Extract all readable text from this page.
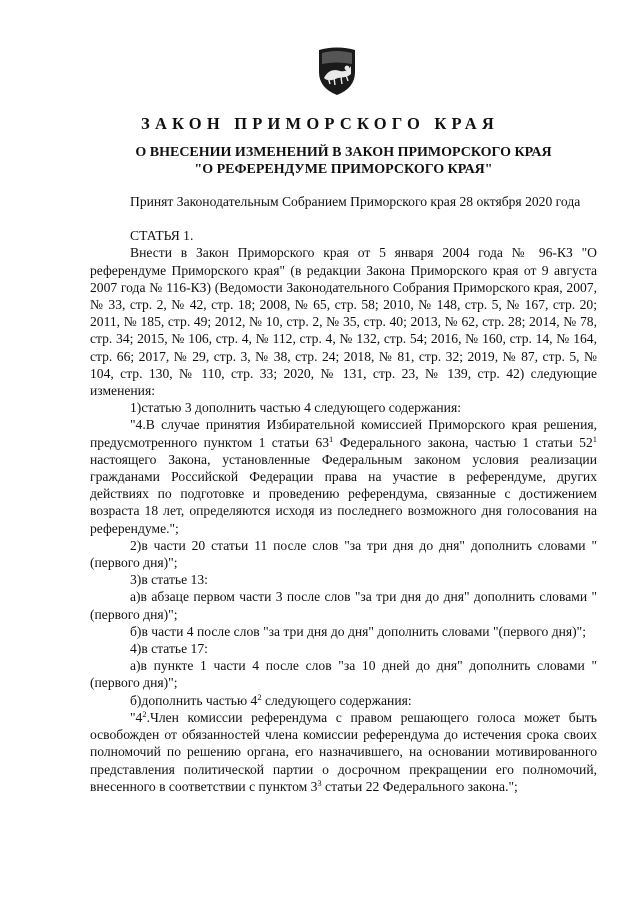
ЗАКОН ПРИМОРСКОГО КРАЯ
О ВНЕСЕНИИ ИЗМЕНЕНИЙ В ЗАКОН ПРИМОРСКОГО КРАЯ
"О РЕФЕРЕНДУМЕ ПРИМОРСКОГО КРАЯ"

Принят Законодательным Собранием Приморского края 28 октября 2020 года

СТАТЬЯ 1.

Внести в Закон Приморского края от 5 января 2004 года № 96-КЗ "О референдуме Приморского края" (в редакции Закона Приморского края от 9 августа 2007 года № 116-КЗ) (Ведомости Законодательного Собрания Приморского края, 2007, № 33, стр. 2, № 42, стр. 18; 2008, № 65, стр. 58; 2010, № 148, стр. 5, № 167, стр. 20; 2011, № 185, стр. 49; 2012, № 10, стр. 2, № 35, стр. 40; 2013, № 62, стр. 28; 2014, № 78, стр. 34; 2015, № 106, стр. 4, № 112, стр. 4, № 132, стр. 54; 2016, № 160, стр. 14, № 164, стр. 66; 2017, № 29, стр. 3, № 38, стр. 24; 2018, № 81, стр. 32; 2019, № 87, стр. 5, № 104, стр. 130, № 110, стр. 33; 2020, № 131, стр. 23, № 139, стр. 42) следующие изменения:

1)статью 3 дополнить частью 4 следующего содержания:

"4.В случае принятия Избирательной комиссией Приморского края решения, предусмотренного пунктом 1 статьи $63^1$ Федерального закона, частью 1 статьи $52^1$ настоящего Закона, установленные Федеральным законом условия реализации гражданами Российской Федерации права на участие в референдуме, других действиях по подготовке и проведению референдума, связанные с достижением возраста 18 лет, определяются исходя из последнего возможного дня голосования на референдуме.";

2)в части 20 статьи 11 после слов "за три дня до дня" дополнить словами "(первого дня)";

3)в статье 13:

а)в абзаце первом части 3 после слов "за три дня до дня" дополнить словами "(первого дня)";

б)в части 4 после слов "за три дня до дня" дополнить словами "(первого дня)";

4)в статье 17:

а)в пункте 1 части 4 после слов "за 10 дней до дня" дополнить словами "(первого дня)";

б)дополнить частью $4^2$ следующего содержания:

"$4^2.Член$ комиссии референдума с правом решающего голоса может быть освобожден от обязанностей члена комиссии референдума до истечения срока своих полномочий по решению органа, его назначившего, на основании мотивированного представления политической партии о досрочном прекращении его полномочий, внесенного в соответствии с пунктом $3^3$ статьи 22 Федерального закона.";
